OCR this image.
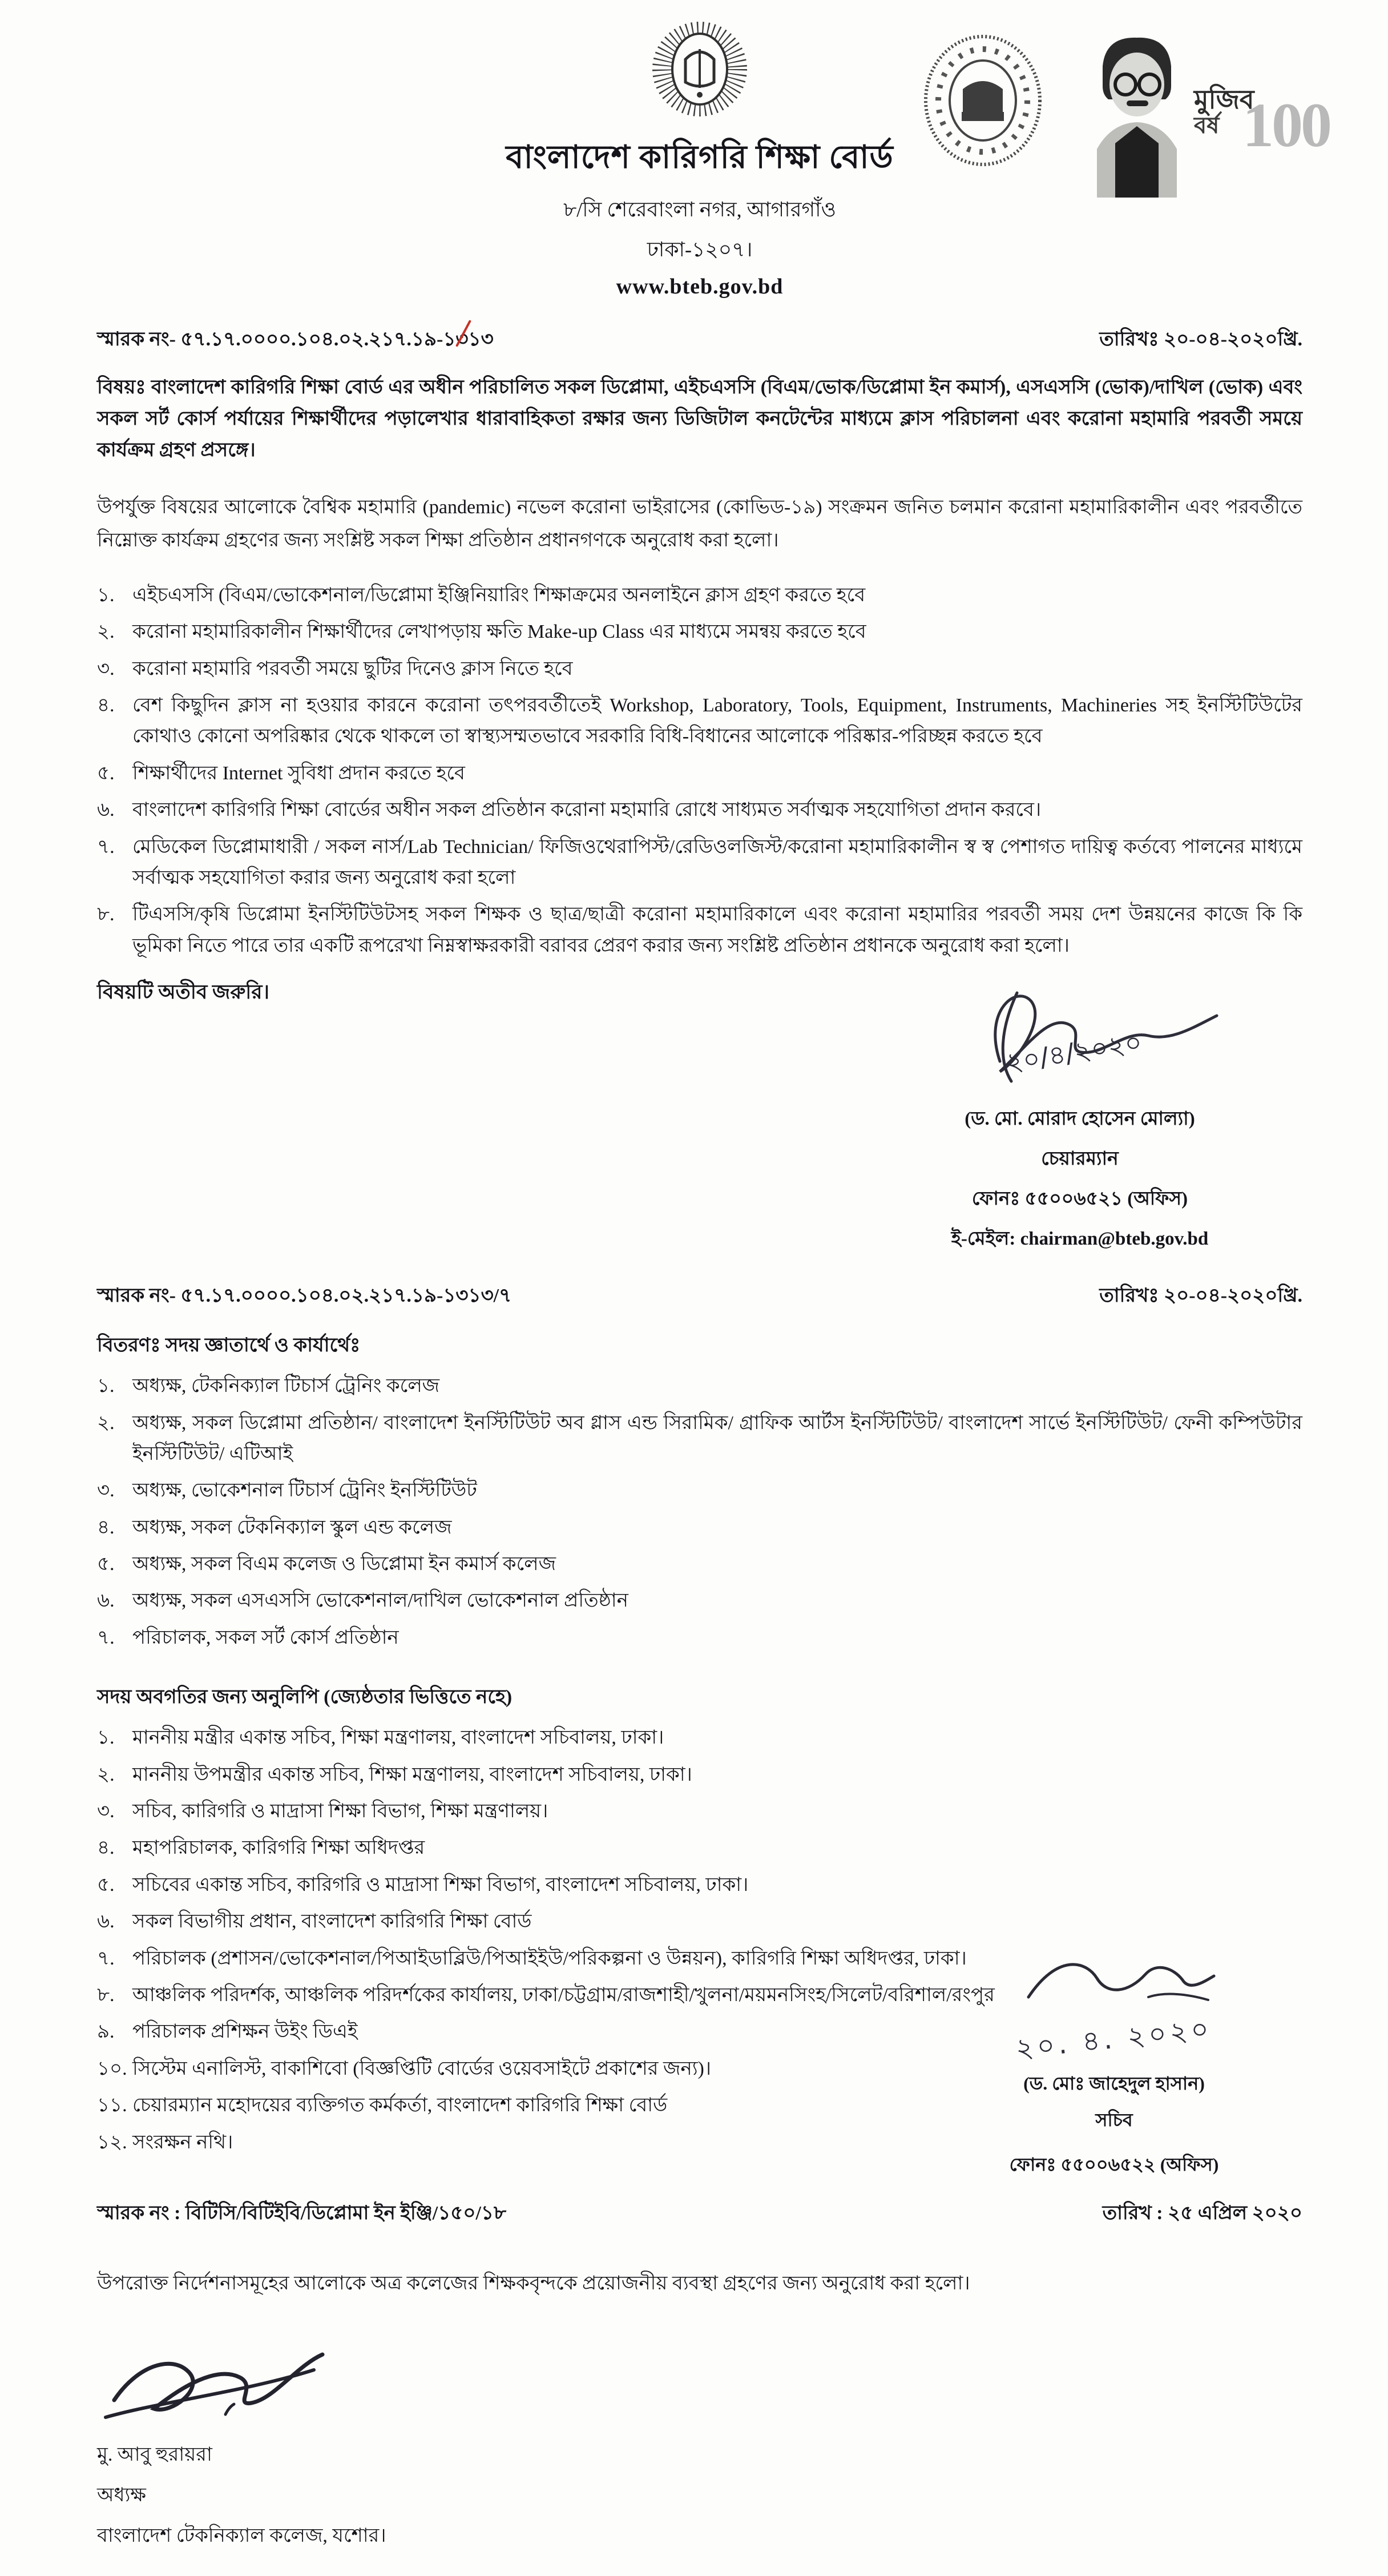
বাংলাদেশ কারিগরি শিক্ষা বোর্ড
৮/সি শেরেবাংলা নগর, আগারগাঁও
ঢাকা-১২০৭।
www.bteb.gov.bd
মুজিব
বর্ষ 100
স্মারক নং- ৫৭.১৭.০০০০.১০৪.০২.২১৭.১৯-১৩১৩	তারিখঃ ২০-০৪-২০২০খ্রি.
বিষয়ঃ বাংলাদেশ কারিগরি শিক্ষা বোর্ড এর অধীন পরিচালিত সকল ডিপ্লোমা, এইচএসসি (বিএম/ভোক/ডিপ্লোমা ইন কমার্স), এসএসসি (ভোক)/দাখিল (ভোক) এবং সকল সর্ট কোর্স পর্যায়ের শিক্ষার্থীদের পড়ালেখার ধারাবাহিকতা রক্ষার জন্য ডিজিটাল কনটেন্টের মাধ্যমে ক্লাস পরিচালনা এবং করোনা মহামারি পরবর্তী সময়ে কার্যক্রম গ্রহণ প্রসঙ্গে।
উপর্যুক্ত বিষয়ের আলোকে বৈশ্বিক মহামারি (pandemic) নভেল করোনা ভাইরাসের (কোভিড-১৯) সংক্রমন জনিত চলমান করোনা মহামারিকালীন এবং পরবর্তীতে নিম্নোক্ত কার্যক্রম গ্রহণের জন্য সংশ্লিষ্ট সকল শিক্ষা প্রতিষ্ঠান প্রধানগণকে অনুরোধ করা হলো।
১. এইচএসসি (বিএম/ভোকেশনাল/ডিপ্লোমা ইঞ্জিনিয়ারিং শিক্ষাক্রমের অনলাইনে ক্লাস গ্রহণ করতে হবে
২. করোনা মহামারিকালীন শিক্ষার্থীদের লেখাপড়ায় ক্ষতি Make-up Class এর মাধ্যমে সমন্বয় করতে হবে
৩. করোনা মহামারি পরবর্তী সময়ে ছুটির দিনেও ক্লাস নিতে হবে
৪. বেশ কিছুদিন ক্লাস না হওয়ার কারনে করোনা তৎপরবর্তীতেই Workshop, Laboratory, Tools, Equipment, Instruments, Machineries সহ ইনস্টিটিউটের কোথাও কোনো অপরিষ্কার থেকে থাকলে তা স্বাস্থ্যসম্মতভাবে সরকারি বিধি-বিধানের আলোকে পরিষ্কার-পরিচ্ছন্ন করতে হবে
৫. শিক্ষার্থীদের Internet সুবিধা প্রদান করতে হবে
৬. বাংলাদেশ কারিগরি শিক্ষা বোর্ডের অধীন সকল প্রতিষ্ঠান করোনা মহামারি রোধে সাধ্যমত সর্বাত্মক সহযোগিতা প্রদান করবে।
৭. মেডিকেল ডিপ্লোমাধারী / সকল নার্স/Lab Technician/ ফিজিওথেরাপিস্ট/রেডিওলজিস্ট/করোনা মহামারিকালীন স্ব স্ব পেশাগত দায়িত্ব কর্তব্যে পালনের মাধ্যমে সর্বাত্মক সহযোগিতা করার জন্য অনুরোধ করা হলো
৮. টিএসসি/কৃষি ডিপ্লোমা ইনস্টিটিউটসহ সকল শিক্ষক ও ছাত্র/ছাত্রী করোনা মহামারিকালে এবং করোনা মহামারির পরবর্তী সময় দেশ উন্নয়নের কাজে কি কি ভূমিকা নিতে পারে তার একটি রূপরেখা নিম্নস্বাক্ষরকারী বরাবর প্রেরণ করার জন্য সংশ্লিষ্ট প্রতিষ্ঠান প্রধানকে অনুরোধ করা হলো।
বিষয়টি অতীব জরুরি।
২০/৪/২০২০
(ড. মো. মোরাদ হোসেন মোল্যা)
চেয়ারম্যান
ফোনঃ ৫৫০০৬৫২১ (অফিস)
ই-মেইল: chairman@bteb.gov.bd
স্মারক নং- ৫৭.১৭.০০০০.১০৪.০২.২১৭.১৯-১৩১৩/৭	তারিখঃ ২০-০৪-২০২০খ্রি.
বিতরণঃ সদয় জ্ঞাতার্থে ও কার্যার্থেঃ
১. অধ্যক্ষ, টেকনিক্যাল টিচার্স ট্রেনিং কলেজ
২. অধ্যক্ষ, সকল ডিপ্লোমা প্রতিষ্ঠান/ বাংলাদেশ ইনস্টিটিউট অব গ্লাস এন্ড সিরামিক/ গ্রাফিক আর্টস ইনস্টিটিউট/ বাংলাদেশ সার্ভে ইনস্টিটিউট/ ফেনী কম্পিউটার ইনস্টিটিউট/ এটিআই
৩. অধ্যক্ষ, ভোকেশনাল টিচার্স ট্রেনিং ইনস্টিটিউট
৪. অধ্যক্ষ, সকল টেকনিক্যাল স্কুল এন্ড কলেজ
৫. অধ্যক্ষ, সকল বিএম কলেজ ও ডিপ্লোমা ইন কমার্স কলেজ
৬. অধ্যক্ষ, সকল এসএসসি ভোকেশনাল/দাখিল ভোকেশনাল প্রতিষ্ঠান
৭. পরিচালক, সকল সর্ট কোর্স প্রতিষ্ঠান
সদয় অবগতির জন্য অনুলিপি (জ্যেষ্ঠতার ভিত্তিতে নহে)
১. মাননীয় মন্ত্রীর একান্ত সচিব, শিক্ষা মন্ত্রণালয়, বাংলাদেশ সচিবালয়, ঢাকা।
২. মাননীয় উপমন্ত্রীর একান্ত সচিব, শিক্ষা মন্ত্রণালয়, বাংলাদেশ সচিবালয়, ঢাকা।
৩. সচিব, কারিগরি ও মাদ্রাসা শিক্ষা বিভাগ, শিক্ষা মন্ত্রণালয়।
৪. মহাপরিচালক, কারিগরি শিক্ষা অধিদপ্তর
৫. সচিবের একান্ত সচিব, কারিগরি ও মাদ্রাসা শিক্ষা বিভাগ, বাংলাদেশ সচিবালয়, ঢাকা।
৬. সকল বিভাগীয় প্রধান, বাংলাদেশ কারিগরি শিক্ষা বোর্ড
৭. পরিচালক (প্রশাসন/ভোকেশনাল/পিআইডাব্লিউ/পিআইইউ/পরিকল্পনা ও উন্নয়ন), কারিগরি শিক্ষা অধিদপ্তর, ঢাকা।
৮. আঞ্চলিক পরিদর্শক, আঞ্চলিক পরিদর্শকের কার্যালয়, ঢাকা/চট্টগ্রাম/রাজশাহী/খুলনা/ময়মনসিংহ/সিলেট/বরিশাল/রংপুর
৯. পরিচালক প্রশিক্ষন উইং ডিএই
১০. সিস্টেম এনালিস্ট, বাকাশিবো (বিজ্ঞপ্তিটি বোর্ডের ওয়েবসাইটে প্রকাশের জন্য)।
১১. চেয়ারম্যান মহোদয়ের ব্যক্তিগত কর্মকর্তা, বাংলাদেশ কারিগরি শিক্ষা বোর্ড
১২. সংরক্ষন নথি।
২০. ৪. ২০২০
(ড. মোঃ জাহেদুল হাসান)
সচিব
ফোনঃ ৫৫০০৬৫২২ (অফিস)
স্মারক নং : বিটিসি/বিটিইবি/ডিপ্লোমা ইন ইঞ্জি/১৫০/১৮	তারিখ : ২৫ এপ্রিল ২০২০
উপরোক্ত নির্দেশনাসমূহের আলোকে অত্র কলেজের শিক্ষকবৃন্দকে প্রয়োজনীয় ব্যবস্থা গ্রহণের জন্য অনুরোধ করা হলো।
মু. আবু হুরায়রা
অধ্যক্ষ
বাংলাদেশ টেকনিক্যাল কলেজ, যশোর।
